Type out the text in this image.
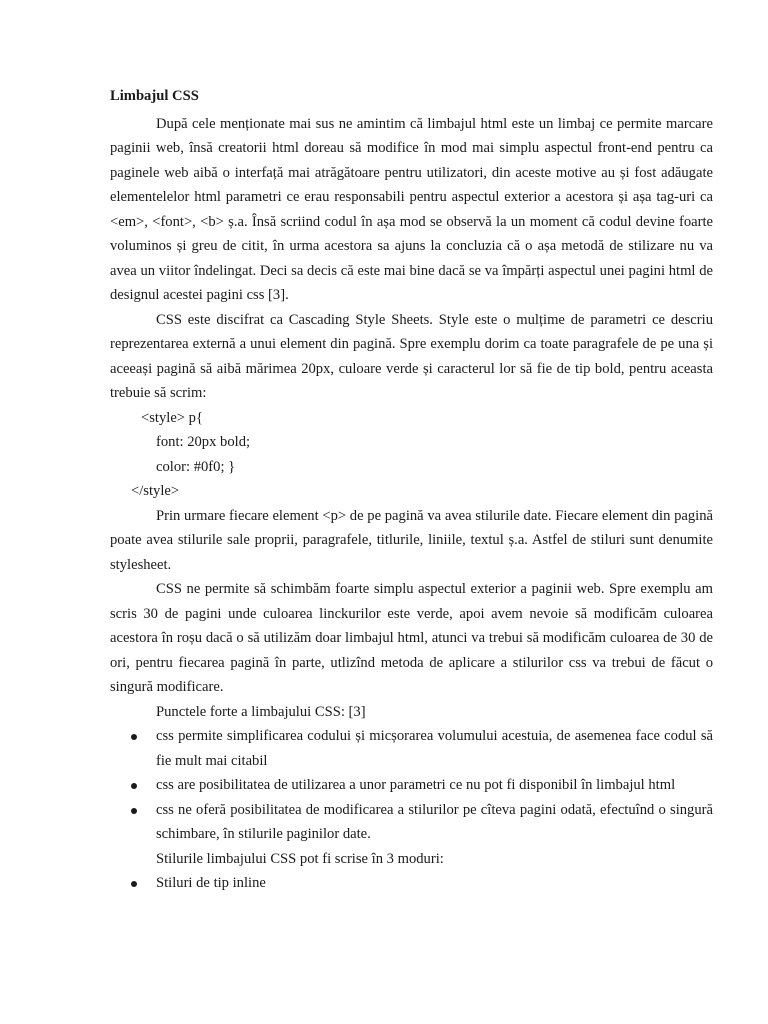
Limbajul CSS

După cele menționate mai sus ne amintim că limbajul html este un limbaj ce permite marcare paginii web, însă creatorii html doreau să modifice în mod mai simplu aspectul front-end pentru ca paginele web aibă o interfață mai atrăgătoare pentru utilizatori, din aceste motive au și fost adăugate elementelelor html parametri ce erau responsabili pentru aspectul exterior a acestora și așa tag-uri ca <em>, <font>, <b> ș.a. Însă scriind codul în așa mod se observă la un moment că codul devine foarte voluminos și greu de citit, în urma acestora sa ajuns la concluzia că o așa metodă de stilizare nu va avea un viitor îndelingat. Deci sa decis că este mai bine dacă se va împărți aspectul unei pagini html de designul acestei pagini css [3].

CSS este discifrat ca Cascading Style Sheets. Style este o mulțime de parametri ce descriu reprezentarea externă a unui element din pagină. Spre exemplu dorim ca toate paragrafele de pe una și aceeași pagină să aibă mărimea 20px, culoare verde și caracterul lor să fie de tip bold, pentru aceasta trebuie să scrim:

<style> p{

font: 20px bold;

color: #0f0; }

</style>

Prin urmare fiecare element <p> de pe pagină va avea stilurile date. Fiecare element din pagină poate avea stilurile sale proprii, paragrafele, titlurile, liniile, textul ș.a. Astfel de stiluri sunt denumite stylesheet.

CSS ne permite să schimbăm foarte simplu aspectul exterior a paginii web. Spre exemplu am scris 30 de pagini unde culoarea linckurilor este verde, apoi avem nevoie să modificăm culoarea acestora în roșu dacă o să utilizăm doar limbajul html, atunci va trebui să modificăm culoarea de 30 de ori, pentru fiecarea pagină în parte, utlizînd metoda de aplicare a stilurilor css va trebui de făcut o singură modificare.

Punctele forte a limbajului CSS: [3]

css permite simplificarea codului și micșorarea volumului acestuia, de asemenea face codul să fie mult mai citabil
css are posibilitatea de utilizarea a unor parametri ce nu pot fi disponibil în limbajul html
css ne oferă posibilitatea de modificarea a stilurilor pe cîteva pagini odată, efectuînd o singură schimbare, în stilurile paginilor date.

Stilurile limbajului CSS pot fi scrise în 3 moduri:

Stiluri de tip inline
